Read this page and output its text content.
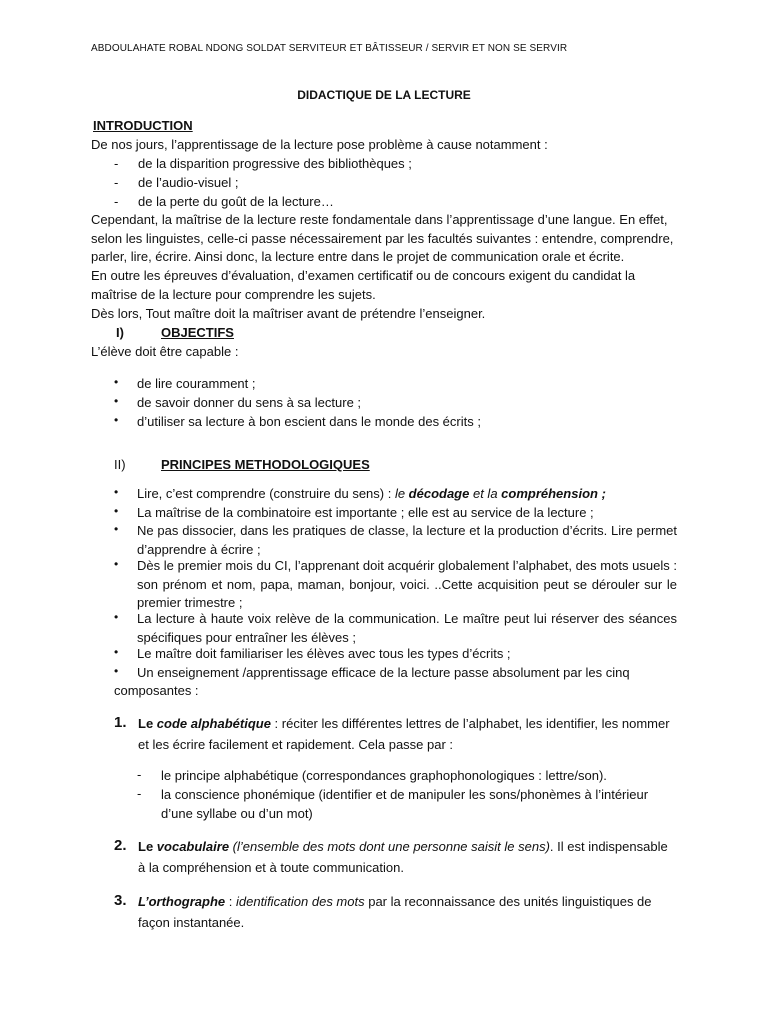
ABDOULAHATE ROBAL NDONG SOLDAT SERVITEUR ET BÂTISSEUR / SERVIR ET NON SE SERVIR
DIDACTIQUE DE LA LECTURE
INTRODUCTION
De nos jours, l’apprentissage de la lecture pose problème à cause notamment :
- de la disparition progressive des bibliothèques ;
- de l’audio-visuel ;
- de la perte du goût de la lecture…
Cependant, la maîtrise de la lecture reste fondamentale dans l’apprentissage d’une langue. En effet,
selon les linguistes, celle-ci passe nécessairement par les facultés suivantes : entendre, comprendre,
parler, lire, écrire. Ainsi donc, la lecture entre dans le projet de communication orale et écrite.
En outre les épreuves d’évaluation, d’examen certificatif ou de concours exigent du candidat la
maîtrise de la lecture pour comprendre les sujets.
Dès lors, Tout maître doit la maîtriser avant de prétendre l’enseigner.
I)	OBJECTIFS
L’élève doit être capable :
• de lire couramment ;
• de savoir donner du sens à sa lecture ;
• d’utiliser sa lecture à bon escient dans le monde des écrits ;
II)	PRINCIPES METHODOLOGIQUES
• Lire, c’est comprendre (construire du sens) : le décodage et la compréhension ;
• La maîtrise de la combinatoire est importante ; elle est au service de la lecture ;
• Ne pas dissocier, dans les pratiques de classe, la lecture et la production d’écrits. Lire permet d’apprendre à écrire ;
• Dès le premier mois du CI, l’apprenant doit acquérir globalement l’alphabet, des mots usuels : son prénom et nom, papa, maman, bonjour, voici. ..Cette acquisition peut se dérouler sur le premier trimestre ;
• La lecture à haute voix relève de la communication. Le maître peut lui réserver des séances spécifiques pour entraîner les élèves ;
• Le maître doit familiariser les élèves avec tous les types d’écrits ;
• Un enseignement /apprentissage efficace de la lecture passe absolument par les cinq
composantes :
1. Le code alphabétique : réciter les différentes lettres de l’alphabet, les identifier, les nommer et les écrire facilement et rapidement. Cela passe par :
- le principe alphabétique (correspondances graphophonologiques : lettre/son).
- la conscience phonémique (identifier et de manipuler les sons/phonèmes à l’intérieur d’une syllabe ou d’un mot)
2. Le vocabulaire (l’ensemble des mots dont une personne saisit le sens). Il est indispensable à la compréhension et à toute communication.
3. L’orthographe : identification des mots par la reconnaissance des unités linguistiques de façon instantanée.
